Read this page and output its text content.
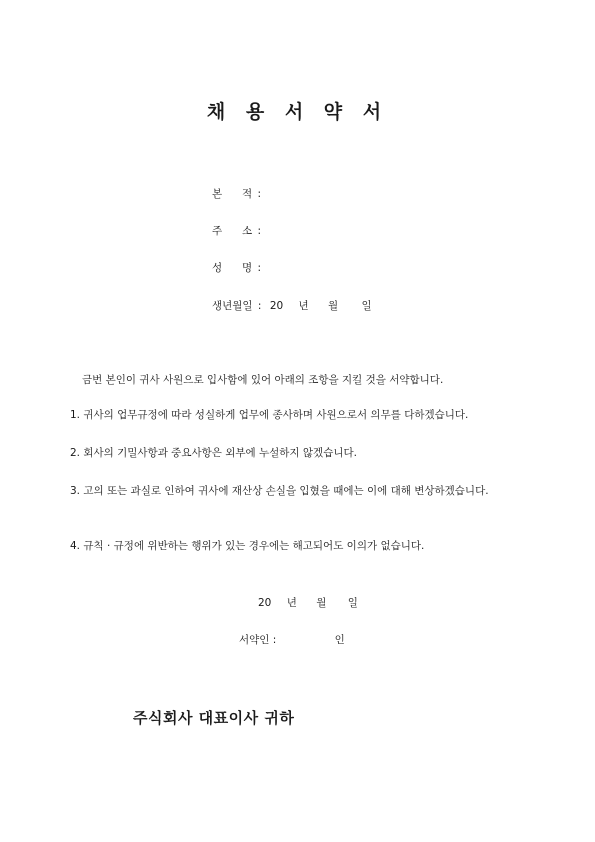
채 용 서 약 서
본 적 :
주 소 :
성 명 :
생년월일 : 20 년 월 일
금번 본인이 귀사 사원으로 입사함에 있어 아래의 조항을 지킬 것을 서약합니다.

1. 귀사의 업무규정에 따라 성실하게 업무에 종사하며 사원으로서 의무를 다하겠습니다.

2. 회사의 기밀사항과 중요사항은 외부에 누설하지 않겠습니다.

3. 고의 또는 과실로 인하여 귀사에 재산상 손실을 입혔을 때에는 이에 대해 변상하겠습니다.

4. 규칙 · 규정에 위반하는 행위가 있는 경우에는 해고되어도 이의가 없습니다.

20 년 월 일
서약인 :	인
주식회사 대표이사 귀하
